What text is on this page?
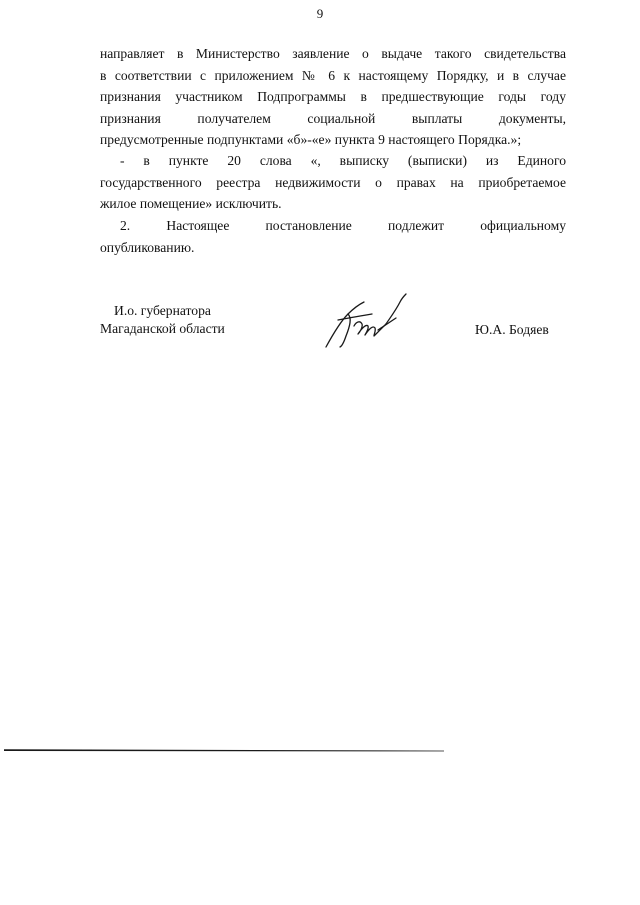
9
направляет в Министерство заявление о выдаче такого свидетельства
в соответствии с приложением № 6 к настоящему Порядку, и в случае
признания участником Подпрограммы в предшествующие годы году
признания получателем социальной выплаты документы,
предусмотренные подпунктами «б»-«е» пункта 9 настоящего Порядка.»;
- в пункте 20 слова «, выписку (выписки) из Единого
государственного реестра недвижимости о правах на приобретаемое
жилое помещение» исключить.
2. Настоящее постановление подлежит официальному
опубликованию.
И.о. губернатора
Магаданской области	Ю.А. Бодяев
